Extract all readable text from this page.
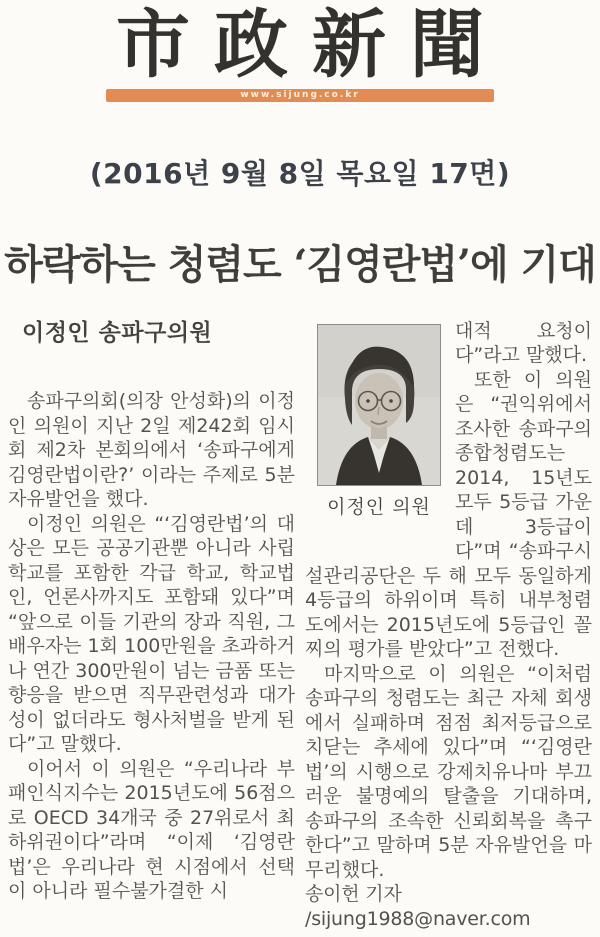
市政新聞
www.sijung.co.kr
(2016년 9월 8일 목요일 17면)
하락하는 청렴도 ‘김영란법’에 기대
이정인 송파구의원

송파구의회(의장 안성화)의 이정인 의원이 지난 2일 제242회 임시회 제2차 본회의에서 ‘송파구에게 김영란법이란?’ 이라는 주제로 5분 자유발언을 했다.

이정인 의원은 “‘김영란법’의 대상은 모든 공공기관뿐 아니라 사립학교를 포함한 각급 학교, 학교법인, 언론사까지도 포함돼 있다”며 “앞으로 이들 기관의 장과 직원, 그 배우자는 1회 100만원을 초과하거나 연간 300만원이 넘는 금품 또는 향응을 받으면 직무관련성과 대가성이 없더라도 형사처벌을 받게 된다”고 말했다.

이어서 이 의원은 “우리나라 부패인식지수는 2015년도에 56점으로 OECD 34개국 중 27위로서 최하위권이다”라며 “이제 ‘김영란법’은 우리나라 현 시점에서 선택이 아니라 필수불가결한 시

이정인 의원

대적 요청이다”라고 말했다.

또한 이 의원은 “권익위에서 조사한 송파구의 종합청렴도는 2014, 15년도 모두 5등급 가운데 3등급이다”며 “송파구시설관리공단은 두 해 모두 동일하게 4등급의 하위이며 특히 내부청렴도에서는 2015년도에 5등급인 꼴찌의 평가를 받았다”고 전했다.

마지막으로 이 의원은 “이처럼 송파구의 청렴도는 최근 자체 회생에서 실패하며 점점 최저등급으로 치닫는 추세에 있다”며 “‘김영란법’의 시행으로 강제치유나마 부끄러운 불명예의 탈출을 기대하며, 송파구의 조속한 신뢰회복을 촉구한다”고 말하며 5분 자유발언을 마무리했다.

송이헌 기자 /sijung1988@naver.com
